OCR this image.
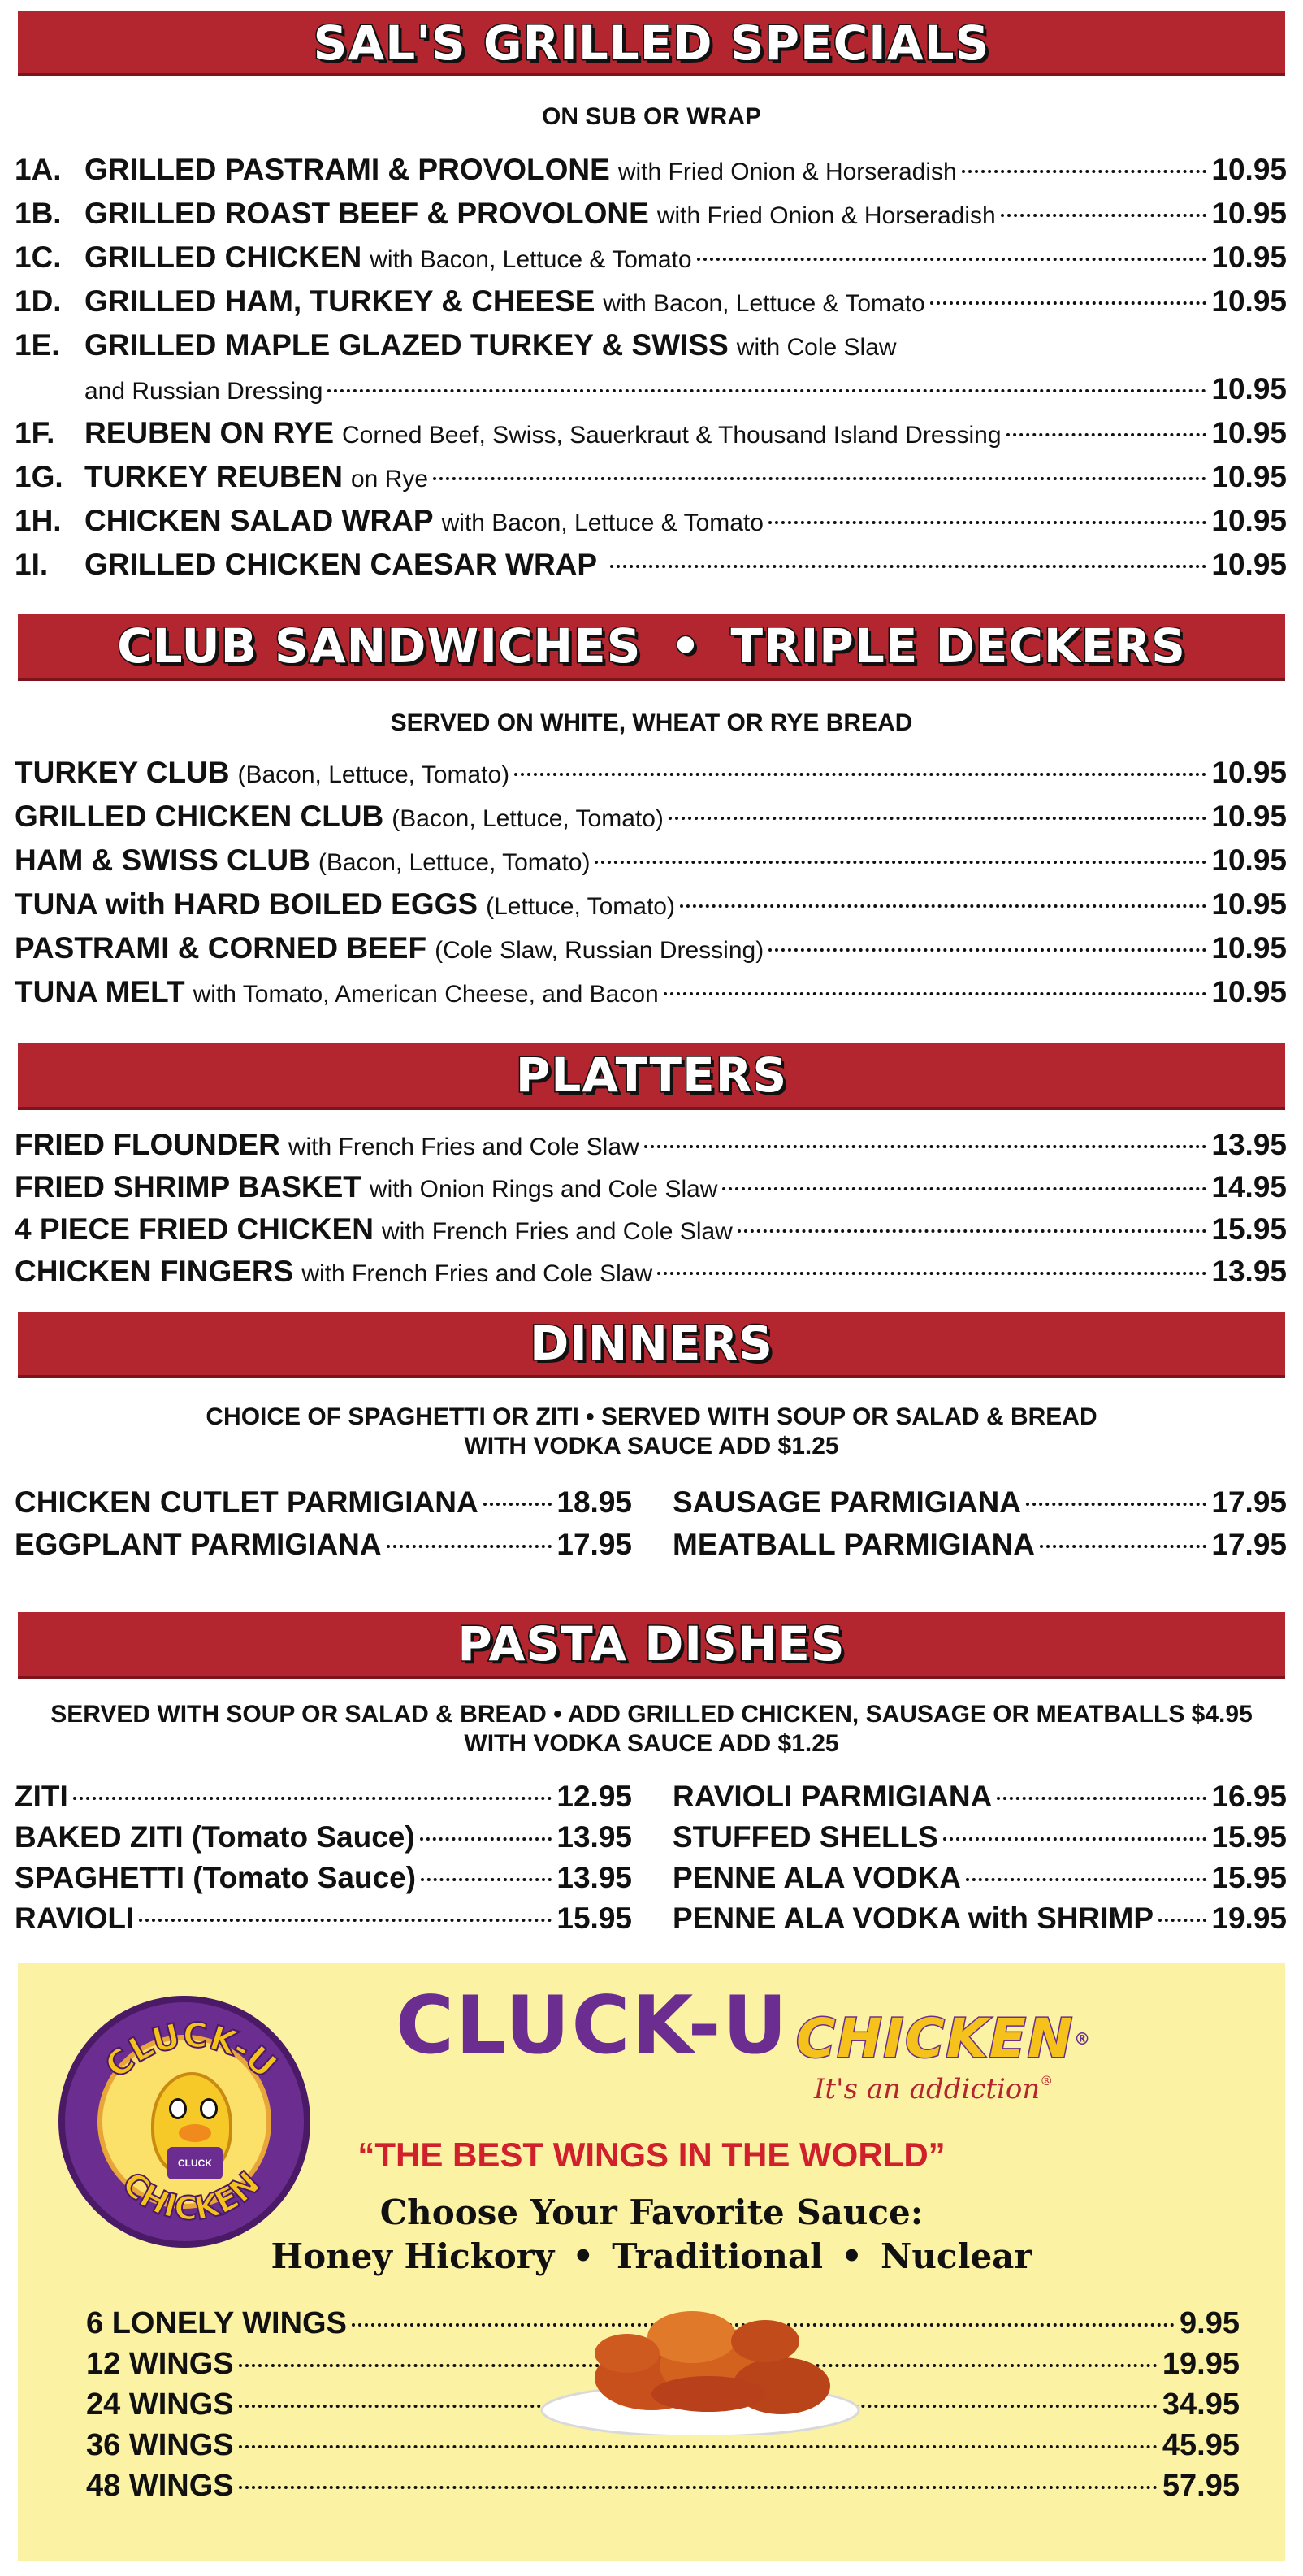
SAL'S GRILLED SPECIALS
ON SUB OR WRAP
1A. GRILLED PASTRAMI & PROVOLONE with Fried Onion & Horseradish	10.95
1B. GRILLED ROAST BEEF & PROVOLONE with Fried Onion & Horseradish	10.95
1C. GRILLED CHICKEN with Bacon, Lettuce & Tomato	10.95
1D. GRILLED HAM, TURKEY & CHEESE with Bacon, Lettuce & Tomato	10.95
1E. GRILLED MAPLE GLAZED TURKEY & SWISS with Cole Slaw
and Russian Dressing	10.95
1F. REUBEN ON RYE Corned Beef, Swiss, Sauerkraut & Thousand Island Dressing	10.95
1G. TURKEY REUBEN on Rye	10.95
1H. CHICKEN SALAD WRAP with Bacon, Lettuce & Tomato	10.95
1I.	GRILLED CHICKEN CAESAR WRAP	10.95
CLUB SANDWICHES • TRIPLE DECKERS
SERVED ON WHITE, WHEAT OR RYE BREAD
TURKEY CLUB (Bacon, Lettuce, Tomato)	10.95
GRILLED CHICKEN CLUB (Bacon, Lettuce, Tomato)	10.95
HAM & SWISS CLUB (Bacon, Lettuce, Tomato)	10.95
TUNA with HARD BOILED EGGS (Lettuce, Tomato)	10.95
PASTRAMI & CORNED BEEF (Cole Slaw, Russian Dressing)	10.95
TUNA MELT with Tomato, American Cheese, and Bacon	10.95
PLATTERS
FRIED FLOUNDER with French Fries and Cole Slaw	13.95
FRIED SHRIMP BASKET with Onion Rings and Cole Slaw	14.95
4 PIECE FRIED CHICKEN with French Fries and Cole Slaw	15.95
CHICKEN FINGERS with French Fries and Cole Slaw	13.95
DINNERS
CHOICE OF SPAGHETTI OR ZITI • SERVED WITH SOUP OR SALAD & BREAD
WITH VODKA SAUCE ADD $1.25
CHICKEN CUTLET PARMIGIANA	18.95
EGGPLANT PARMIGIANA	17.95
SAUSAGE PARMIGIANA	17.95
MEATBALL PARMIGIANA	17.95
PASTA DISHES
SERVED WITH SOUP OR SALAD & BREAD • ADD GRILLED CHICKEN, SAUSAGE OR MEATBALLS $4.95
WITH VODKA SAUCE ADD $1.25
ZITI	12.95
BAKED ZITI (Tomato Sauce)	13.95
SPAGHETTI (Tomato Sauce)	13.95
RAVIOLI	15.95
RAVIOLI PARMIGIANA	16.95
STUFFED SHELLS	15.95
PENNE ALA VODKA	15.95
PENNE ALA VODKA with SHRIMP 19.95
CLUCK
CLUCK-U
CHICKEN
CLUCK-U CHICKEN®
It's an addiction®
“THE BEST WINGS IN THE WORLD”
Choose Your Favorite Sauce:
Honey Hickory • Traditional • Nuclear
6 LONELY WINGS	9.95
12 WINGS	19.95
24 WINGS	34.95
36 WINGS	45.95
48 WINGS	57.95
